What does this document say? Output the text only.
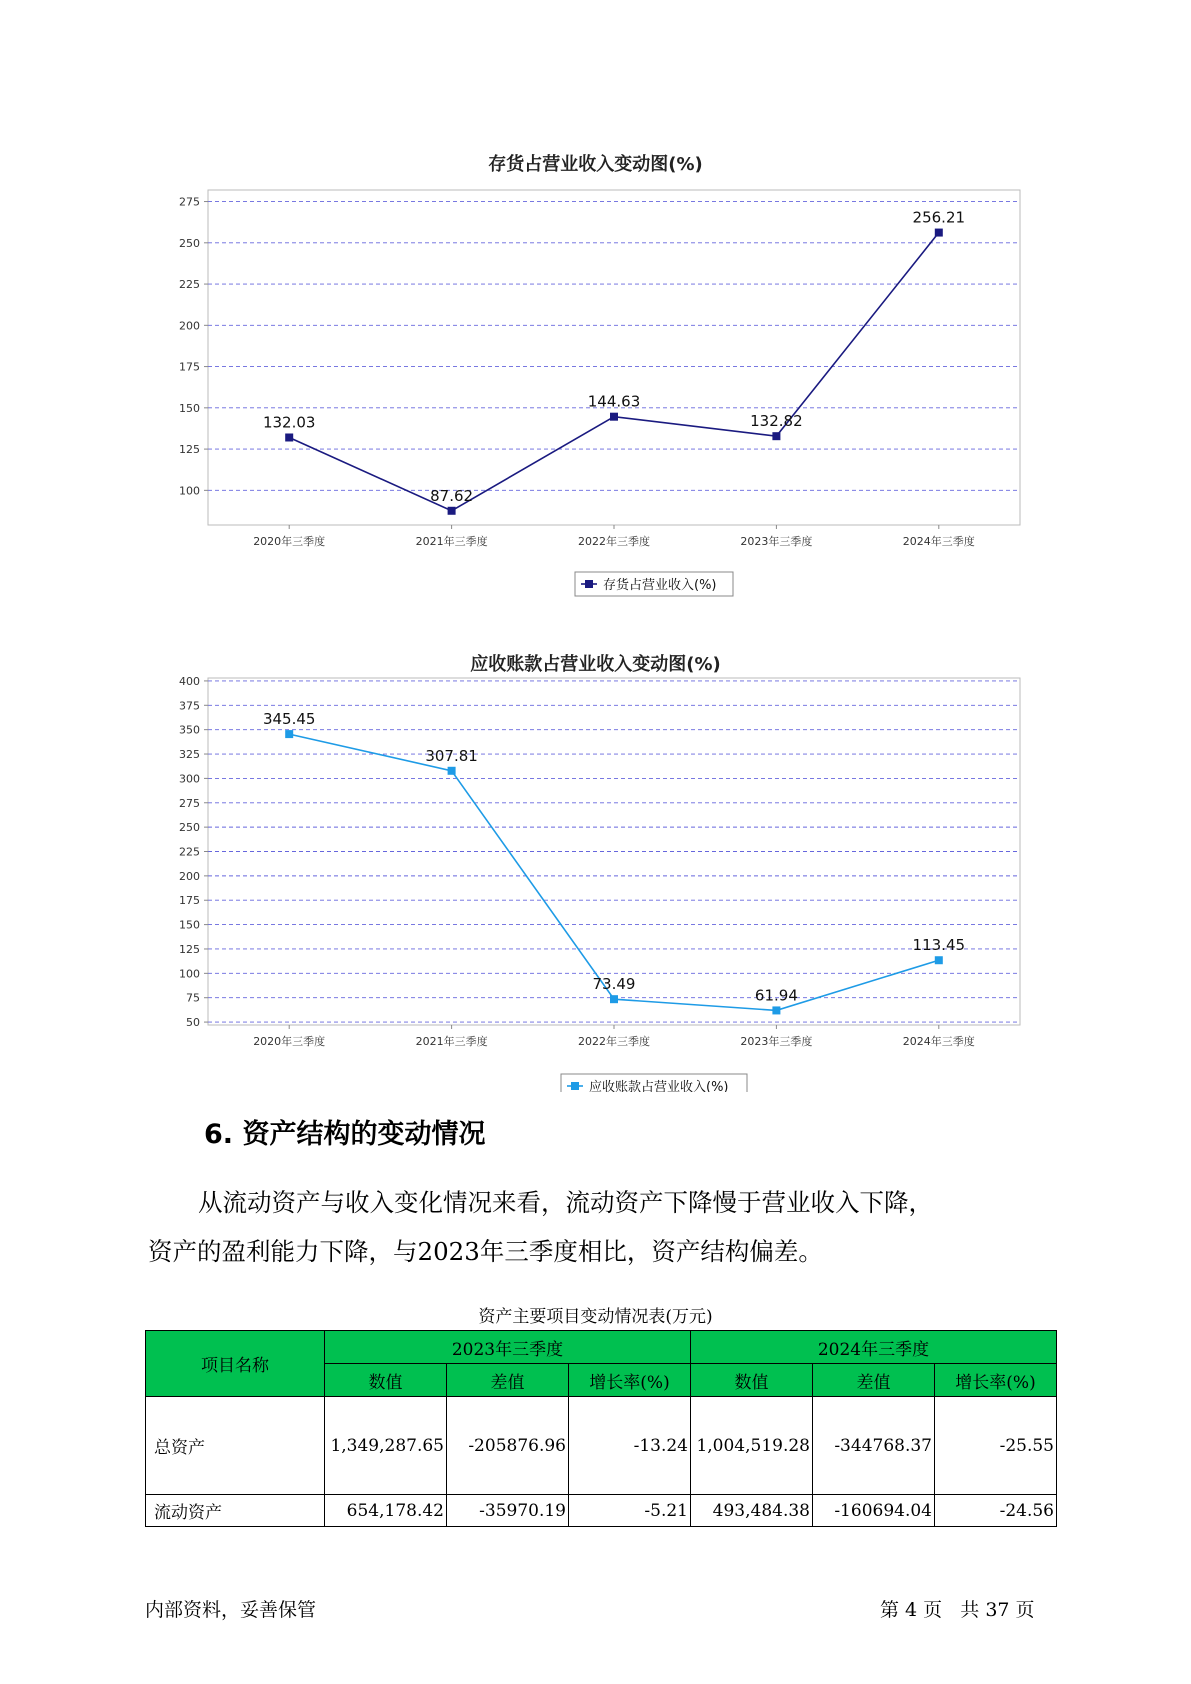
存货占营业收入变动图(%)
100
125
150
175
200
225
250
275
2020年三季度	2021年三季度	2022年三季度	2023年三季度	2024年三季度
132.03
87.62
144.63
132.82
256.21
存货占营业收入(%)
应收账款占营业收入变动图(%)
50
75
100
125
150
175
200
225
250
275
300
325
350
375
400
2020年三季度	2021年三季度	2022年三季度	2023年三季度	2024年三季度
345.45
307.81
73.49
61.94
113.45
应收账款占营业收入(%)
6. 资产结构的变动情况
从流动资产与收入变化情况来看，流动资产下降慢于营业收入下降，
资产的盈利能力下降，与2023年三季度相比，资产结构偏差。
资产主要项目变动情况表(万元)
项目名称	2023年三季度			2024年三季度		
	数值	差值	增长率(%)	数值	差值	增长率(%)
总资产	1,349,287.65	-205876.96	-13.24	1,004,519.28	-344768.37	-25.55
流动资产	654,178.42	-35970.19	-5.21	493,484.38	-160694.04	-24.56
内部资料，妥善保管	第 4 页   共 37 页
